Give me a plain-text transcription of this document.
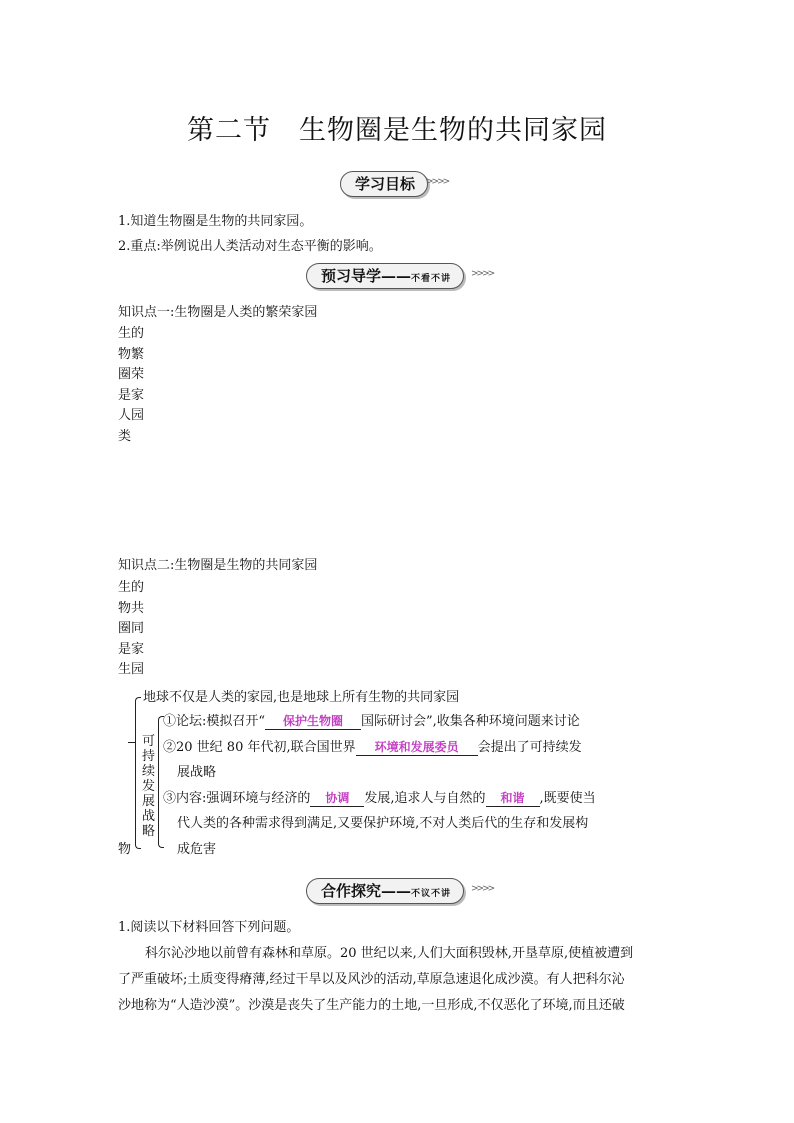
第二节　生物圈是生物的共同家园
学习目标	>>>>
1.知道生物圈是生物的共同家园。
2.重点:举例说出人类活动对生态平衡的影响。
预习导学——不看不讲	>>>>
知识点一:生物圈是人类的繁荣家园
生的
物繁
圈荣
是家
人园
类
知识点二:生物圈是生物的共同家园
生的
物共
圈同
是家
生园
物
地球不仅是人类的家园,也是地球上所有生物的共同家园
可
持
续
发
展
战
略
①论坛:模拟召开“ 保护生物圈 国际研讨会”,收集各种环境问题来讨论
②20 世纪 80 年代初,联合国世界 环境和发展委员 会提出了可持续发
展战略
③内容:强调环境与经济的 协调 发展,追求人与自然的 和谐 ,既要使当
代人类的各种需求得到满足,又要保护环境,不对人类后代的生存和发展构
成危害
合作探究——不议不讲	>>>>
1.阅读以下材料回答下列问题。
科尔沁沙地以前曾有森林和草原。20 世纪以来,人们大面积毁林,开垦草原,使植被遭到
了严重破坏;土质变得瘠薄,经过干旱以及风沙的活动,草原急速退化成沙漠。有人把科尔沁
沙地称为“人造沙漠”。沙漠是丧失了生产能力的土地,一旦形成,不仅恶化了环境,而且还破
